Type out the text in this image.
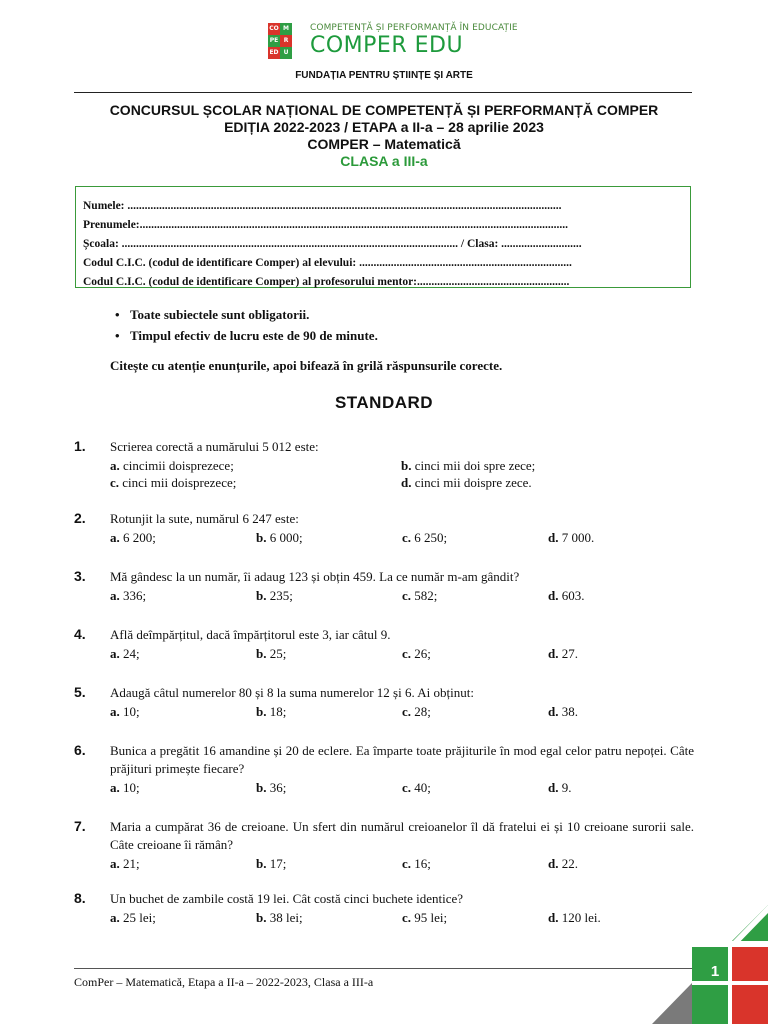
CO M
PE R
ED U
COMPETENȚĂ ȘI PERFORMANȚĂ ÎN EDUCAȚIE
COMPER EDU
FUNDAȚIA PENTRU ȘTIINȚE ȘI ARTE
CONCURSUL ȘCOLAR NAȚIONAL DE COMPETENȚĂ ȘI PERFORMANȚĂ COMPER
EDIȚIA 2022-2023 / ETAPA a II-a – 28 aprilie 2023
COMPER – Matematică
CLASA a III-a
Numele: .......................................................................................................................................................
Prenumele:.....................................................................................................................................................
Școala: ..................................................................................................................... / Clasa: ............................
Codul C.I.C. (codul de identificare Comper) al elevului: ..........................................................................
Codul C.I.C. (codul de identificare Comper) al profesorului mentor:.....................................................
• Toate subiectele sunt obligatorii.
• Timpul efectiv de lucru este de 90 de minute.
Citește cu atenție enunțurile, apoi bifează în grilă răspunsurile corecte.
STANDARD
1. Scrierea corectă a numărului 5 012 este:
a. cincimii doisprezece;	b. cinci mii doi spre zece;
c. cinci mii doisprezece;	d. cinci mii doispre zece.
2. Rotunjit la sute, numărul 6 247 este:
a. 6 200;	b. 6 000;	c. 6 250;	d. 7 000.
3. Mă gândesc la un număr, îi adaug 123 și obțin 459. La ce număr m-am gândit?
a. 336;	b. 235;	c. 582;	d. 603.
4. Află deîmpărțitul, dacă împărțitorul este 3, iar câtul 9.
a. 24;	b. 25;	c. 26;	d. 27.
5. Adaugă câtul numerelor 80 și 8 la suma numerelor 12 și 6. Ai obținut:
a. 10;	b. 18;	c. 28;	d. 38.
6. Bunica a pregătit 16 amandine și 20 de eclere. Ea împarte toate prăjiturile în mod egal celor patru nepoței. Câte prăjituri primește fiecare?
a. 10;	b. 36;	c. 40;	d. 9.
7. Maria a cumpărat 36 de creioane. Un sfert din numărul creioanelor îl dă fratelui ei și 10 creioane surorii sale. Câte creioane îi rămân?
a. 21;	b. 17;	c. 16;	d. 22.
8. Un buchet de zambile costă 19 lei. Cât costă cinci buchete identice?
a. 25 lei;	b. 38 lei;	c. 95 lei;	d. 120 lei.
ComPer – Matematică, Etapa a II-a – 2022-2023, Clasa a III-a
1
